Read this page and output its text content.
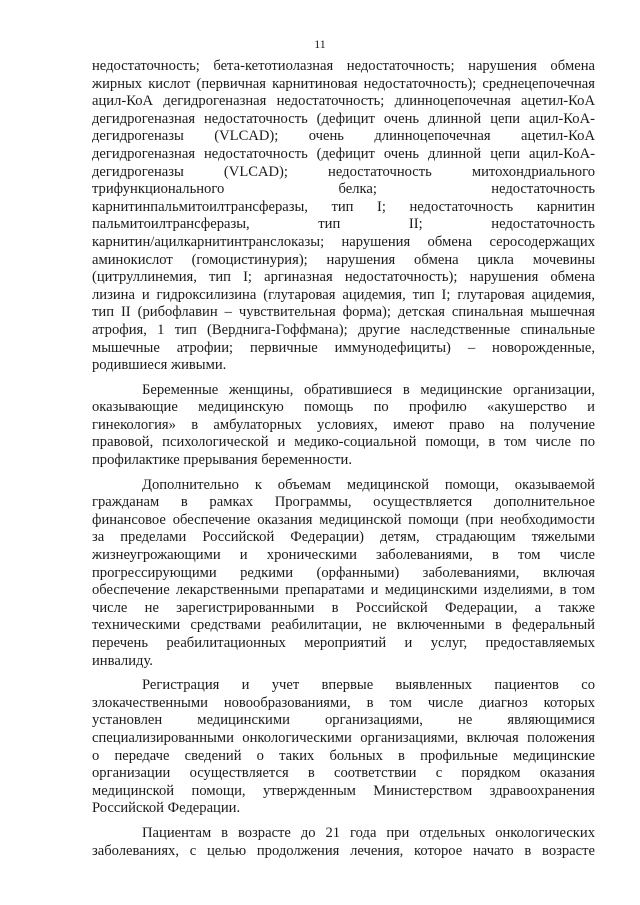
11
недостаточность; бета-кетотиолазная недостаточность; нарушения обмена
жирных кислот (первичная карнитиновая недостаточность); среднецепочечная
ацил-КоА дегидрогеназная недостаточность; длинноцепочечная ацетил-КоА
дегидрогеназная недостаточность (дефицит очень длинной цепи ацил-КоА-
дегидрогеназы (VLCAD); очень длинноцепочечная ацетил-КоА
дегидрогеназная недостаточность (дефицит очень длинной цепи ацил-КоА-
дегидрогеназы (VLCAD); недостаточность митохондриального
трифункционального белка; недостаточность
карнитинпальмитоилтрансферазы, тип I; недостаточность карнитин
пальмитоилтрансферазы, тип II; недостаточность
карнитин/ацилкарнитинтранслоказы; нарушения обмена серосодержащих
аминокислот (гомоцистинурия); нарушения обмена цикла мочевины
(цитруллинемия, тип I; аргиназная недостаточность); нарушения обмена
лизина и гидроксилизина (глутаровая ацидемия, тип I; глутаровая ацидемия,
тип II (рибофлавин – чувствительная форма); детская спинальная мышечная
атрофия, 1 тип (Верднига-Гоффмана); другие наследственные спинальные
мышечные атрофии; первичные иммунодефициты) – новорожденные,
родившиеся живыми.
Беременные женщины, обратившиеся в медицинские организации,
оказывающие медицинскую помощь по профилю «акушерство и
гинекология» в амбулаторных условиях, имеют право на получение
правовой, психологической и медико-социальной помощи, в том числе по
профилактике прерывания беременности.
Дополнительно к объемам медицинской помощи, оказываемой
гражданам в рамках Программы, осуществляется дополнительное
финансовое обеспечение оказания медицинской помощи (при необходимости
за пределами Российской Федерации) детям, страдающим тяжелыми
жизнеугрожающими и хроническими заболеваниями, в том числе
прогрессирующими редкими (орфанными) заболеваниями, включая
обеспечение лекарственными препаратами и медицинскими изделиями, в том
числе не зарегистрированными в Российской Федерации, а также
техническими средствами реабилитации, не включенными в федеральный
перечень реабилитационных мероприятий и услуг, предоставляемых
инвалиду.
Регистрация и учет впервые выявленных пациентов со
злокачественными новообразованиями, в том числе диагноз которых
установлен медицинскими организациями, не являющимися
специализированными онкологическими организациями, включая положения
о передаче сведений о таких больных в профильные медицинские
организации осуществляется в соответствии с порядком оказания
медицинской помощи, утвержденным Министерством здравоохранения
Российской Федерации.
Пациентам в возрасте до 21 года при отдельных онкологических
заболеваниях, с целью продолжения лечения, которое начато в возрасте
